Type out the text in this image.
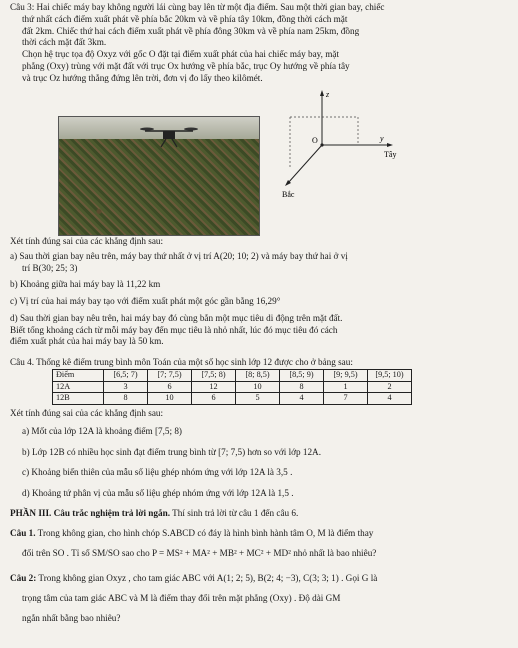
Câu 3: Hai chiếc máy bay không người lái cùng bay lên từ một địa điểm. Sau một thời gian bay, chiếc
thứ nhất cách điểm xuất phát về phía bắc 20km và về phía tây 10km, đồng thời cách mặt
đất 2km. Chiếc thứ hai cách điểm xuất phát về phía đông 30km và về phía nam 25km, đồng
thời cách mặt đất 3km.
Chọn hệ trục tọa độ Oxyz với gốc O đặt tại điểm xuất phát của hai chiếc máy bay, mặt
phẳng (Oxy) trùng với mặt đất với trục Ox hướng về phía bắc, trục Oy hướng về phía tây
và trục Oz hướng thẳng đứng lên trời, đơn vị đo lấy theo kilômét.
z
O	y
Tây
Bắc
Xét tính đúng sai của các khẳng định sau:
a) Sau thời gian bay nêu trên, máy bay thứ nhất ở vị trí A(20; 10; 2) và máy bay thứ hai ở vị
trí B(30; 25; 3)
b) Khoảng giữa hai máy bay là 11,22 km
c) Vị trí của hai máy bay tạo với điểm xuất phát một góc gần bằng 16,29°
d) Sau thời gian bay nêu trên, hai máy bay đó cùng bắn một mục tiêu di động trên mặt đất.
Biết tổng khoảng cách từ mỗi máy bay đến mục tiêu là nhỏ nhất, lúc đó mục tiêu đó cách
điểm xuất phát của hai máy bay là 50 km.
Câu 4. Thống kê điểm trung bình môn Toán của một số học sinh lớp 12 được cho ở bảng sau:
Điểm	[6,5; 7)	[7; 7,5)	[7,5; 8)	[8; 8,5)	[8,5; 9)	[9; 9,5)	[9,5; 10)
12A	3	6	12	10	8	1	2
12B	8	10	6	5	4	7	4
Xét tính đúng sai của các khẳng định sau:
a) Mốt của lớp 12A là khoảng điểm [7,5; 8)
b) Lớp 12B có nhiều học sinh đạt điểm trung bình từ [7; 7,5) hơn so với lớp 12A.
c) Khoảng biến thiên của mẫu số liệu ghép nhóm ứng với lớp 12A là 3,5 .
d) Khoảng tứ phân vị của mẫu số liệu ghép nhóm ứng với lớp 12A là 1,5 .
PHẦN III. Câu trắc nghiệm trả lời ngắn. Thí sinh trả lời từ câu 1 đến câu 6.
Câu 1. Trong không gian, cho hình chóp S.ABCD có đáy là hình bình hành tâm O, M là điểm thay
đổi trên SO . Tỉ số SM/SO sao cho P = MS² + MA² + MB² + MC² + MD² nhỏ nhất là bao nhiêu?
Câu 2: Trong không gian Oxyz , cho tam giác ABC với A(1; 2; 5), B(2; 4; −3), C(3; 3; 1) . Gọi G là
trọng tâm của tam giác ABC và M là điểm thay đổi trên mặt phẳng (Oxy) . Độ dài GM
ngắn nhất bằng bao nhiêu?
